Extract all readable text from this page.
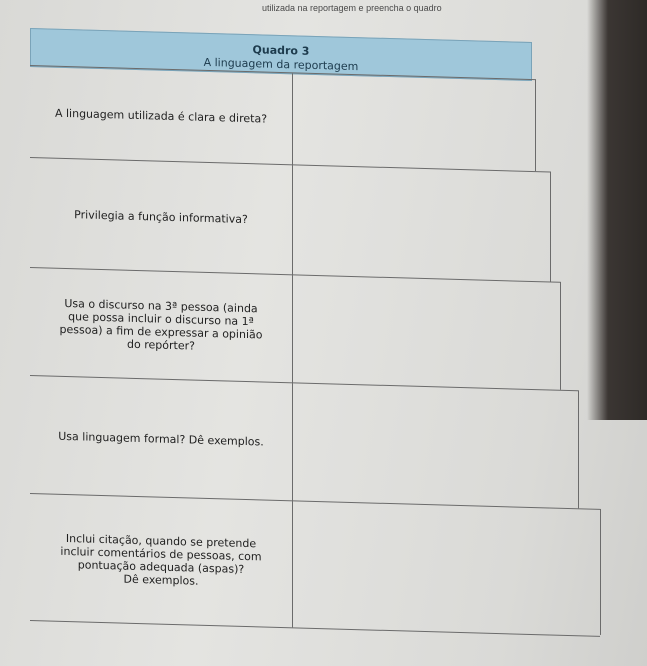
utilizada na reportagem e preencha o quadro
Quadro 3
A linguagem da reportagem
A linguagem utilizada é clara e direta?
Privilegia a função informativa?
Usa o discurso na 3ª pessoa (ainda
que possa incluir o discurso na 1ª
pessoa) a fim de expressar a opinião
do repórter?
Usa linguagem formal? Dê exemplos.
Inclui citação, quando se pretende
incluir comentários de pessoas, com
pontuação adequada (aspas)?
Dê exemplos.
